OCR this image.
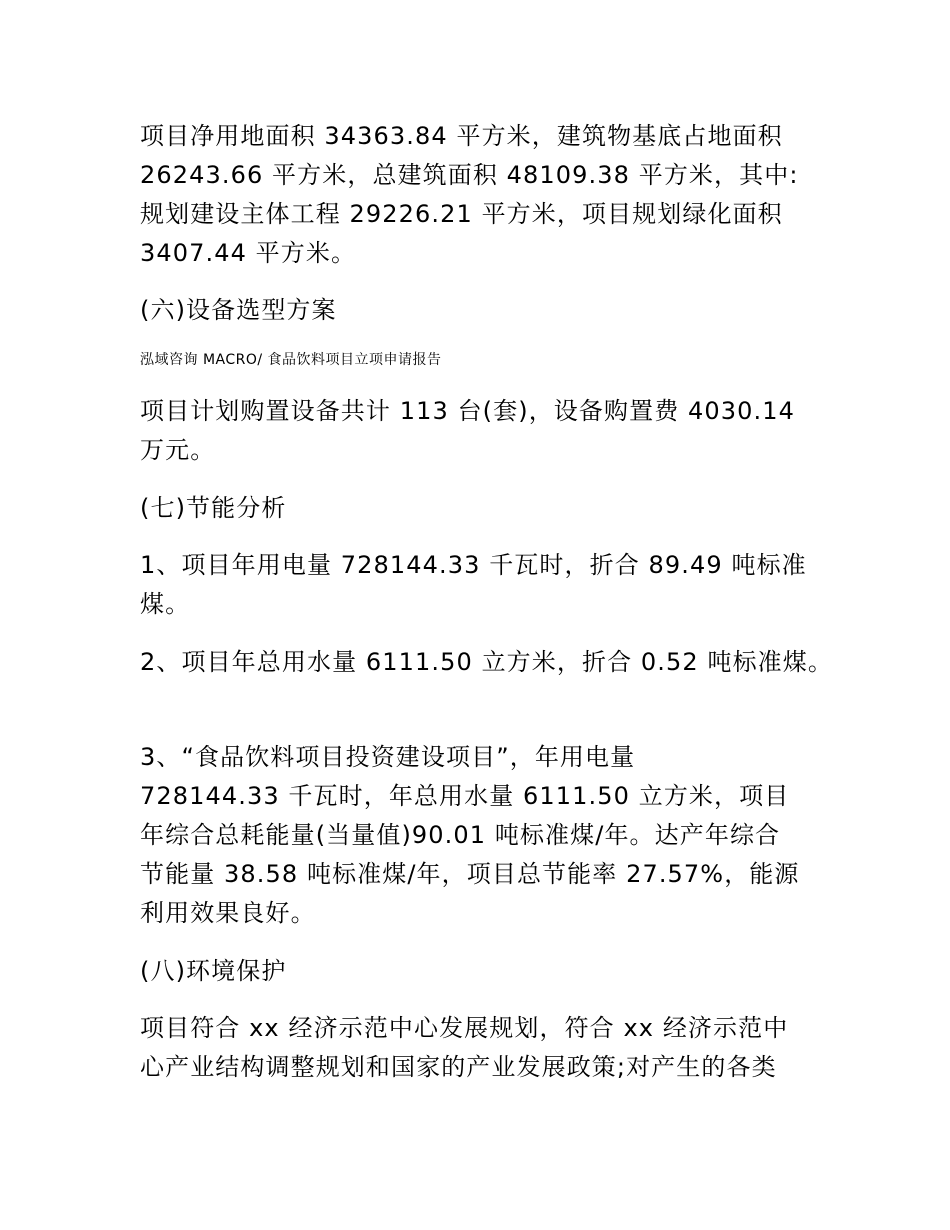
项目净用地面积 34363.84 平方米，建筑物基底占地面积
26243.66 平方米，总建筑面积 48109.38 平方米，其中:
规划建设主体工程 29226.21 平方米，项目规划绿化面积
3407.44 平方米。
(六)设备选型方案
泓域咨询 MACRO/ 食品饮料项目立项申请报告
项目计划购置设备共计 113 台(套)，设备购置费 4030.14
万元。
(七)节能分析
1、项目年用电量 728144.33 千瓦时，折合 89.49 吨标准
煤。
2、项目年总用水量 6111.50 立方米，折合 0.52 吨标准煤。
3、“食品饮料项目投资建设项目”，年用电量
728144.33 千瓦时，年总用水量 6111.50 立方米，项目
年综合总耗能量(当量值)90.01 吨标准煤/年。达产年综合
节能量 38.58 吨标准煤/年，项目总节能率 27.57%，能源
利用效果良好。
(八)环境保护
项目符合 xx 经济示范中心发展规划，符合 xx 经济示范中
心产业结构调整规划和国家的产业发展政策;对产生的各类
